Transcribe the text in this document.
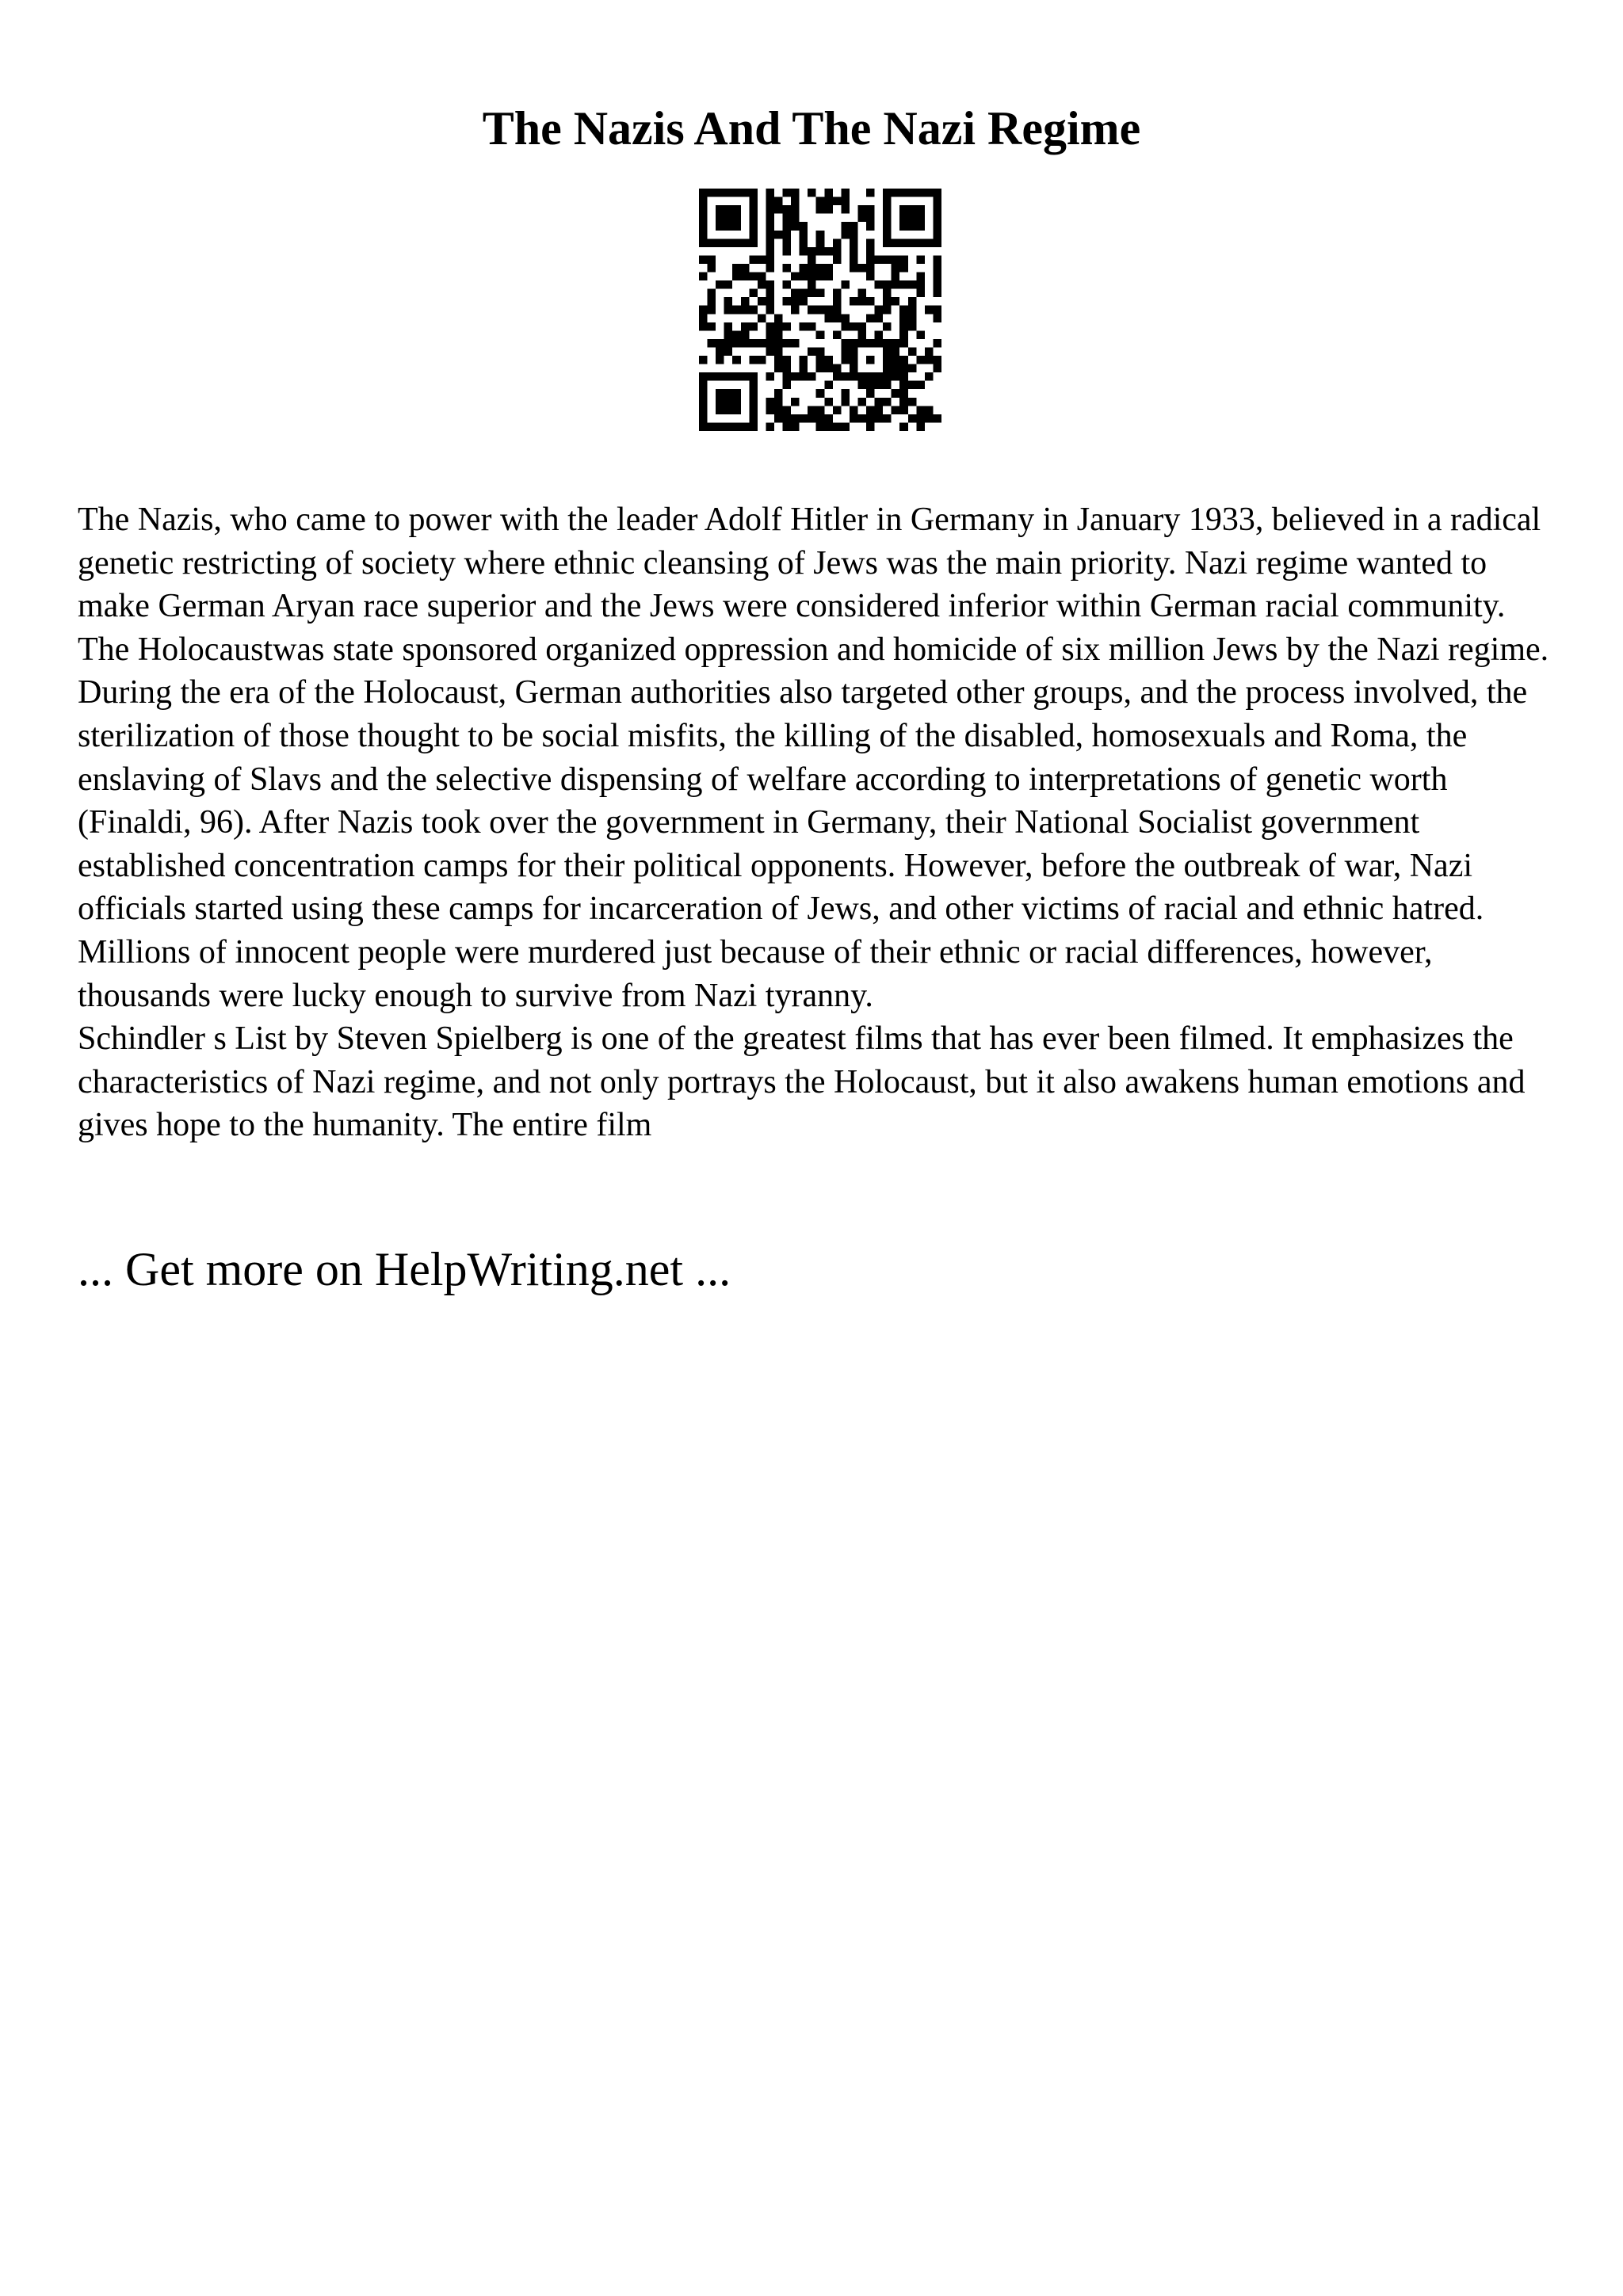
The Nazis And The Nazi Regime

The Nazis, who came to power with the leader Adolf Hitler in Germany in January 1933, believed in a radical genetic restricting of society where ethnic cleansing of Jews was the main priority. Nazi regime wanted to make German Aryan race superior and the Jews were considered inferior within German racial community. The Holocaustwas state sponsored organized oppression and homicide of six million Jews by the Nazi regime. During the era of the Holocaust, German authorities also targeted other groups, and the process involved, the sterilization of those thought to be social misfits, the killing of the disabled, homosexuals and Roma, the enslaving of Slavs and the selective dispensing of welfare according to interpretations of genetic worth (Finaldi, 96). After Nazis took over the government in Germany, their National Socialist government established concentration camps for their political opponents. However, before the outbreak of war, Nazi officials started using these camps for incarceration of Jews, and other victims of racial and ethnic hatred. Millions of innocent people were murdered just because of their ethnic or racial differences, however, thousands were lucky enough to survive from Nazi tyranny.

Schindler s List by Steven Spielberg is one of the greatest films that has ever been filmed. It emphasizes the characteristics of Nazi regime, and not only portrays the Holocaust, but it also awakens human emotions and gives hope to the humanity. The entire film

... Get more on HelpWriting.net ...
